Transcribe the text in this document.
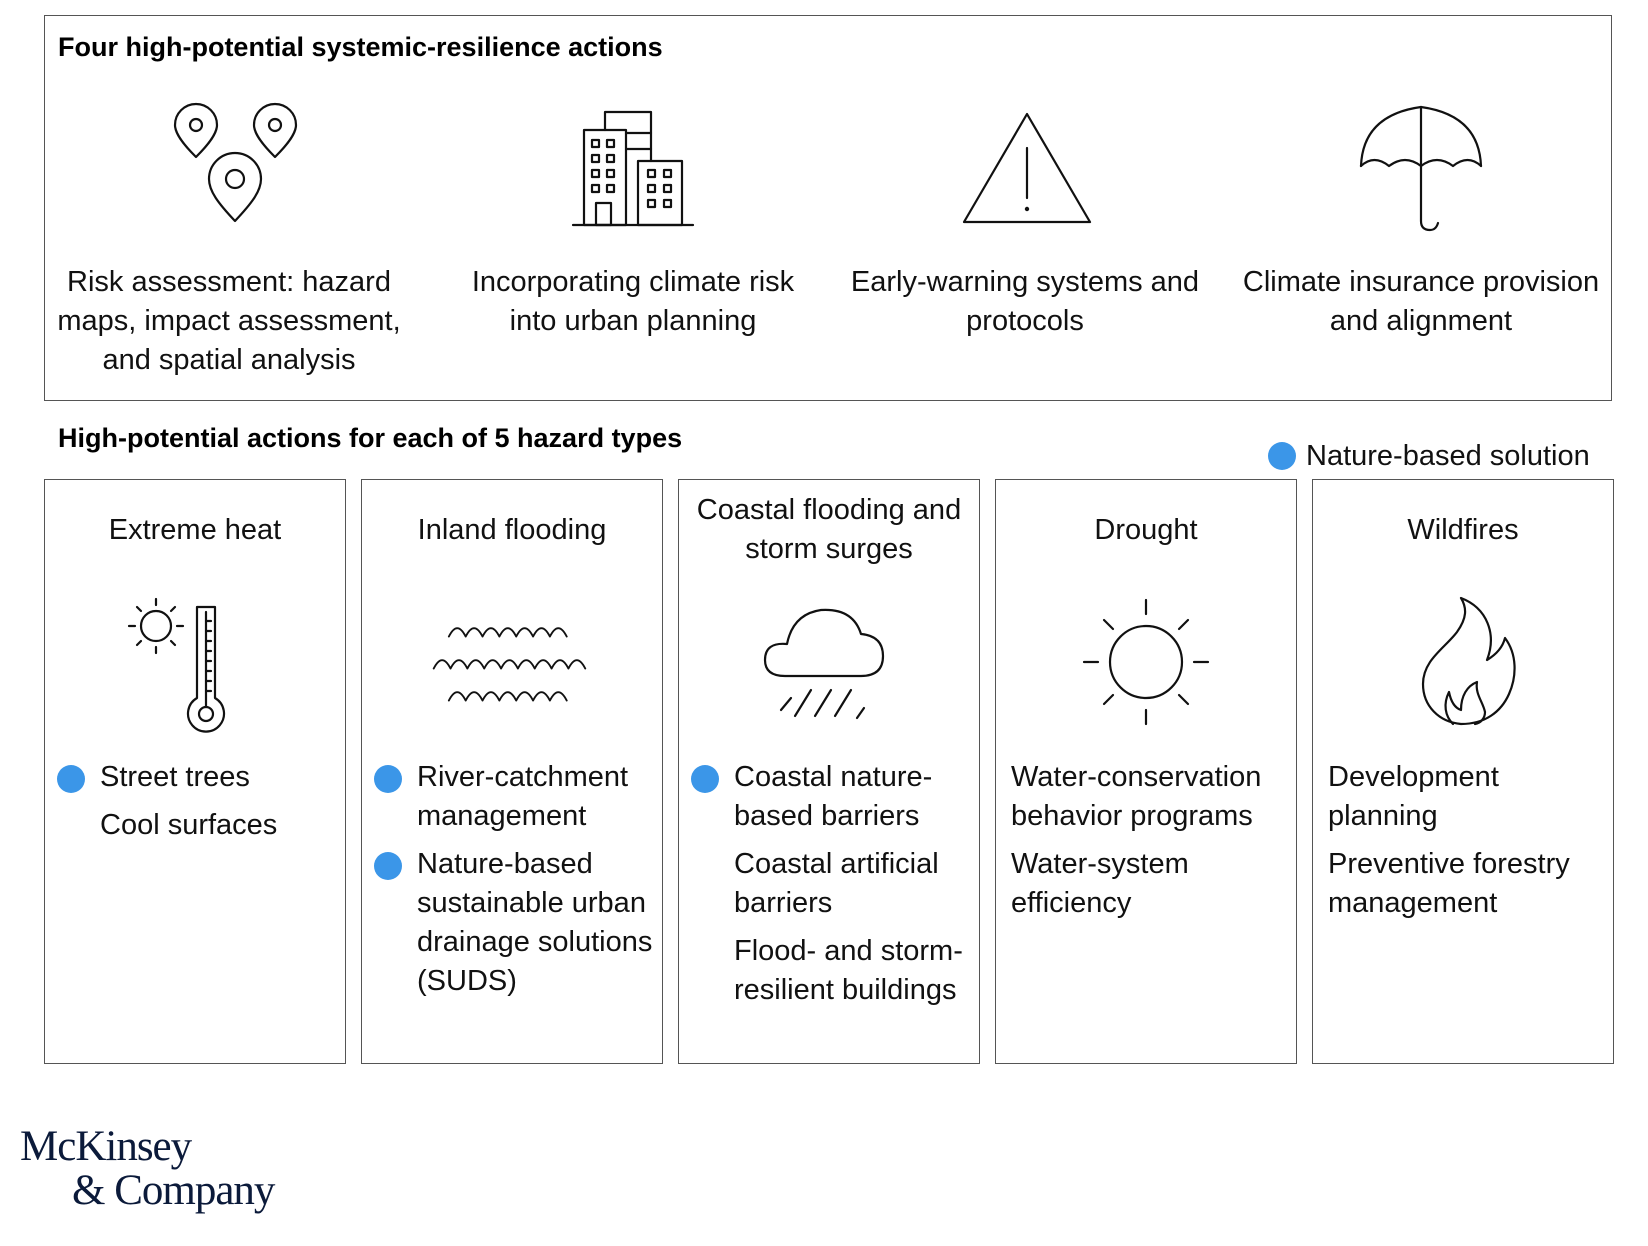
Four high-potential systemic-resilience actions
Risk assessment: hazard maps, impact assessment, and spatial analysis
Incorporating climate risk into urban planning
Early-warning systems and protocols
Climate insurance provision and alignment
High-potential actions for each of 5 hazard types
Nature-based solution
Extreme heat
Street trees
Cool surfaces
Inland flooding
River-catchment management
Nature-based sustainable urban drainage solutions (SUDS)
Coastal flooding and storm surges
Coastal nature-based barriers
Coastal artificial barriers
Flood- and storm-resilient buildings
Drought
Water-conservation behavior programs
Water-system efficiency
Wildfires
Development planning
Preventive forestry management
McKinsey
& Company
